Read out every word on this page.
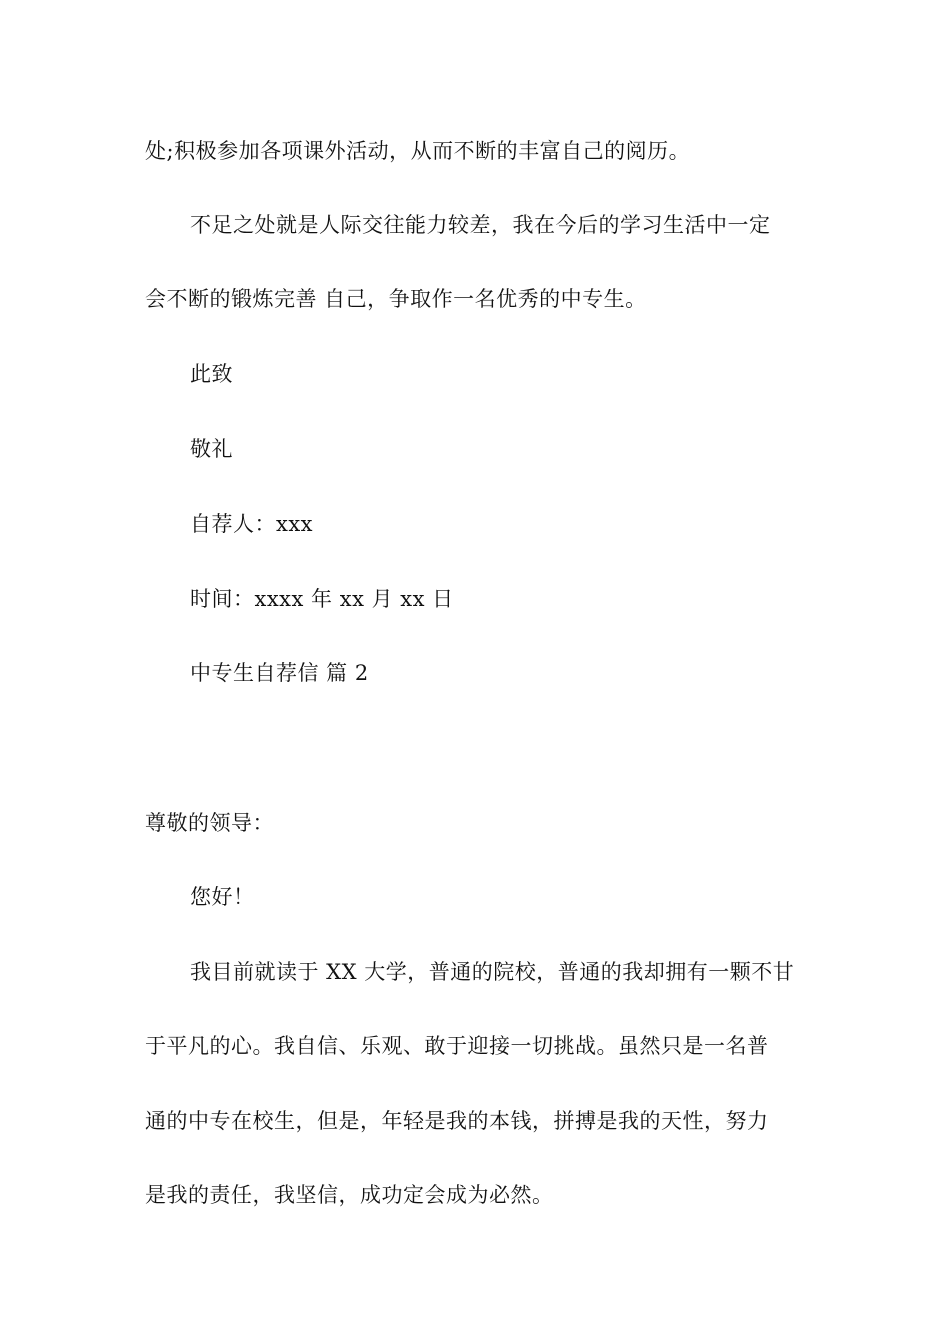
处;积极参加各项课外活动，从而不断的丰富自己的阅历。
不足之处就是人际交往能力较差，我在今后的学习生活中一定
会不断的锻炼完善 自己，争取作一名优秀的中专生。
此致
敬礼
自荐人：xxx
时间：xxxx 年 xx 月 xx 日
中专生自荐信 篇 2
尊敬的领导：
您好！
我目前就读于 XX 大学，普通的院校，普通的我却拥有一颗不甘
于平凡的心。我自信、乐观、敢于迎接一切挑战。虽然只是一名普
通的中专在校生，但是，年轻是我的本钱，拼搏是我的天性，努力
是我的责任，我坚信，成功定会成为必然。
